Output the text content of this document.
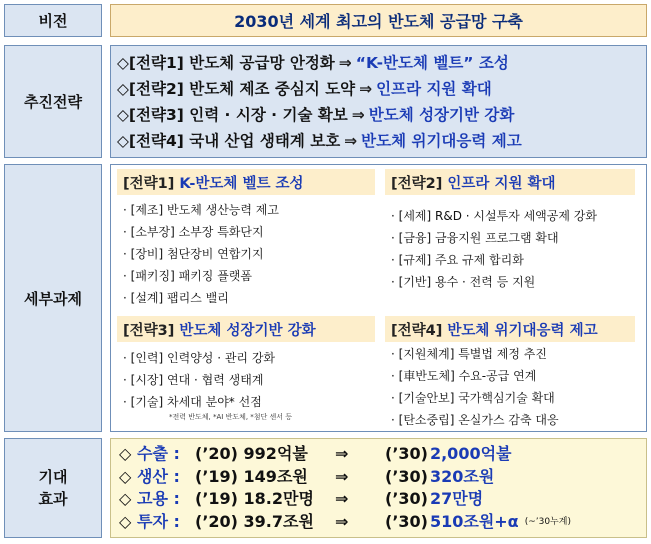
비전	2030년 세계 최고의 반도체 공급망 구축
추진전략
◇[전략1] 반도체 공급망 안정화 ⇒ “K-반도체 벨트” 조성
◇[전략2] 반도체 제조 중심지 도약 ⇒ 인프라 지원 확대
◇[전략3] 인력 · 시장 · 기술 확보 ⇒ 반도체 성장기반 강화
◇[전략4] 국내 산업 생태계 보호 ⇒ 반도체 위기대응력 제고
세부과제
[전략1]
K-반도체 벨트 조성
· [제조] 반도체 생산능력 제고
· [소부장] 소부장 특화단지
· [장비] 첨단장비 연합기지
· [패키징] 패키징 플랫폼
· [설계] 팹리스 밸리
[전략2]
인프라 지원 확대
· [세제] R&D · 시설투자 세액공제 강화
· [금융] 금융지원 프로그램 확대
· [규제] 주요 규제 합리화
· [기반] 용수 · 전력 등 지원
[전략3]
반도체 성장기반 강화
· [인력] 인력양성 · 관리 강화
· [시장] 연대 · 협력 생태계
· [기술] 차세대 분야* 선점
*전력 반도체, *AI 반도체, *첨단 센서 등
[전략4]
반도체 위기대응력 제고
· [지원체계] 특별법 제정 추진
· [車반도체] 수요-공급 연계
· [기술안보] 국가핵심기술 확대
· [탄소중립] 온실가스 감축 대응
기대
효과
◇ 수출 : (’20) 992억불	⇒	(’30) 2,000억불
◇ 생산 : (’19) 149조원	⇒	(’30) 320조원
◇ 고용 : (’19) 18.2만명	⇒	(’30) 27만명
◇ 투자 : (’20) 39.7조원	⇒	(’30) 510조원+α (~’30누계)
